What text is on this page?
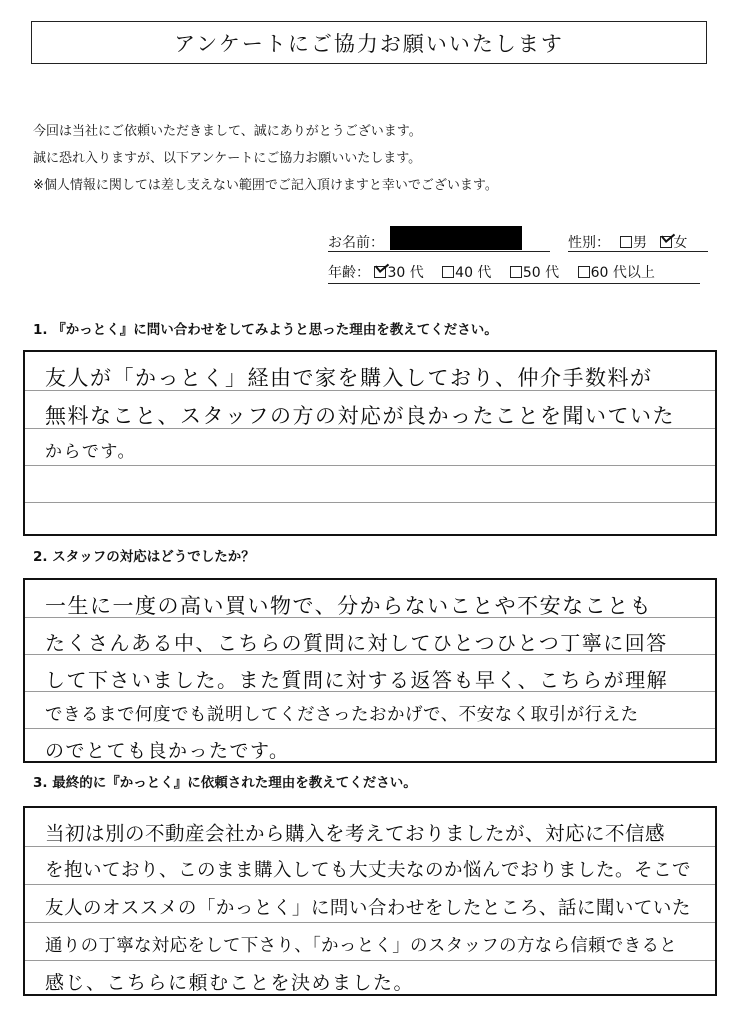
アンケートにご協力お願いいたします
今回は当社にご依頼いただきまして、誠にありがとうございます。
誠に恐れ入りますが、以下アンケートにご協力お願いいたします。
※個人情報に関しては差し支えない範囲でご記入頂けますと幸いでございます。
お名前：	性別：	男 女
年齢： 30 代 40 代 50 代 60 代以上
1. 『かっとく』に問い合わせをしてみようと思った理由を教えてください。
友人が「かっとく」経由で家を購入しており、仲介手数料が
無料なこと、スタッフの方の対応が良かったことを聞いていた
からです。
2. スタッフの対応はどうでしたか？
一生に一度の高い買い物で、分からないことや不安なことも
たくさんある中、こちらの質問に対してひとつひとつ丁寧に回答
して下さいました。また質問に対する返答も早く、こちらが理解
できるまで何度でも説明してくださったおかげで、不安なく取引が行えた
のでとても良かったです。
3. 最終的に『かっとく』に依頼された理由を教えてください。
当初は別の不動産会社から購入を考えておりましたが、対応に不信感
を抱いており、このまま購入しても大丈夫なのか悩んでおりました。そこで
友人のオススメの「かっとく」に問い合わせをしたところ、話に聞いていた
通りの丁寧な対応をして下さり、「かっとく」のスタッフの方なら信頼できると
感じ、こちらに頼むことを決めました。
